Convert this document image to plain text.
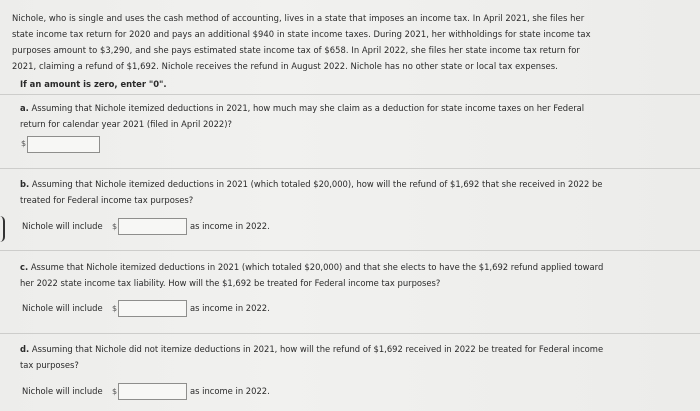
Nichole, who is single and uses the cash method of accounting, lives in a state that imposes an income tax. In April 2021, she files her
state income tax return for 2020 and pays an additional $940 in state income taxes. During 2021, her withholdings for state income tax
purposes amount to $3,290, and she pays estimated state income tax of $658. In April 2022, she files her state income tax return for
2021, claiming a refund of $1,692. Nichole receives the refund in August 2022. Nichole has no other state or local tax expenses.
If an amount is zero, enter "0".
a. Assuming that Nichole itemized deductions in 2021, how much may she claim as a deduction for state income taxes on her Federal
return for calendar year 2021 (filed in April 2022)?
$
b. Assuming that Nichole itemized deductions in 2021 (which totaled $20,000), how will the refund of $1,692 that she received in 2022 be
treated for Federal income tax purposes?
Nichole will include $	as income in 2022.
c. Assume that Nichole itemized deductions in 2021 (which totaled $20,000) and that she elects to have the $1,692 refund applied toward
her 2022 state income tax liability. How will the $1,692 be treated for Federal income tax purposes?
Nichole will include $	as income in 2022.
d. Assuming that Nichole did not itemize deductions in 2021, how will the refund of $1,692 received in 2022 be treated for Federal income
tax purposes?
Nichole will include $	as income in 2022.
